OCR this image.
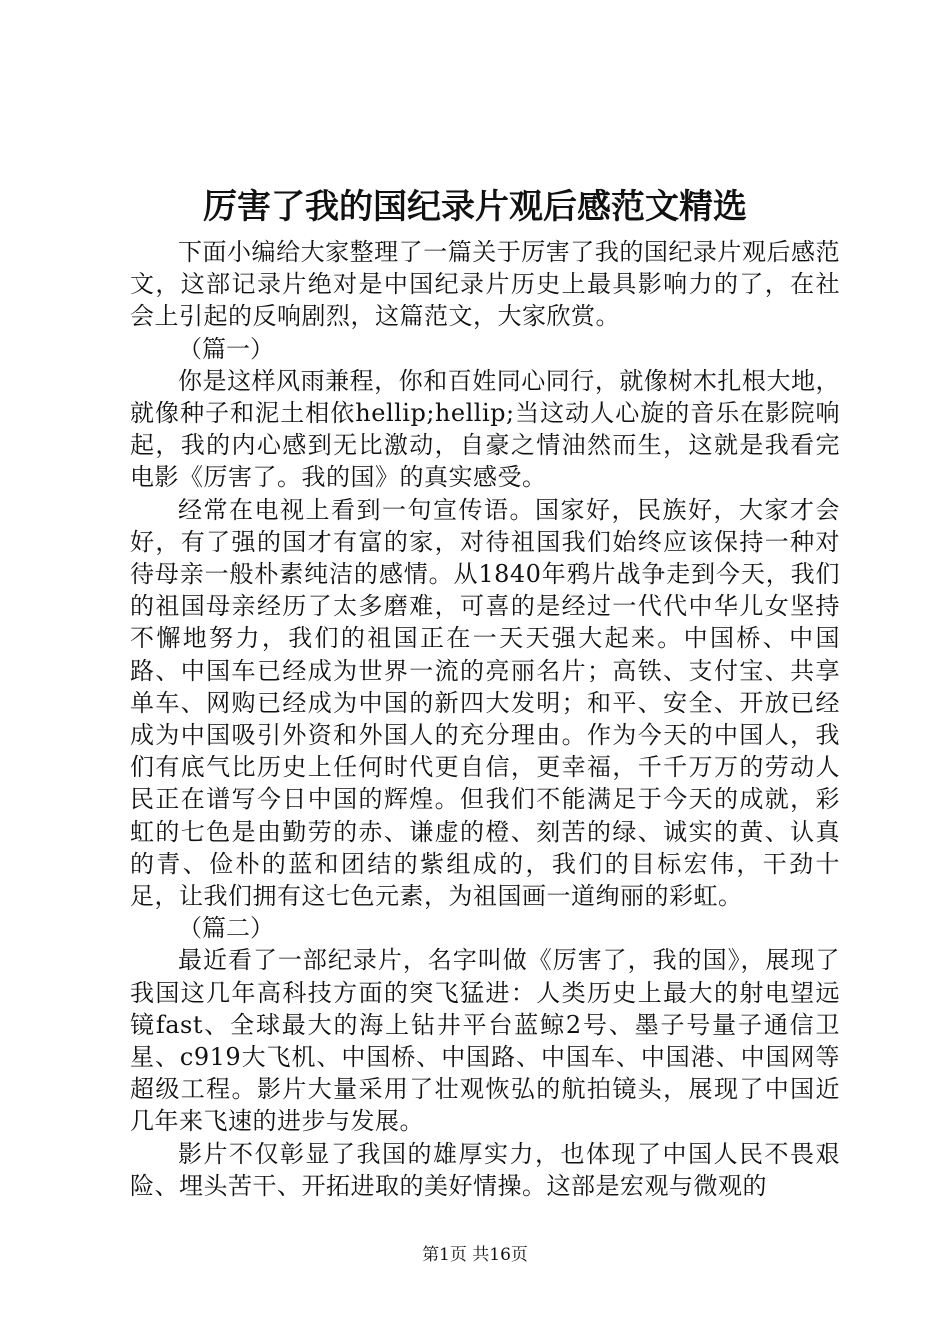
厉害了我的国纪录片观后感范文精选

下面小编给大家整理了一篇关于厉害了我的国纪录片观后感范文，这部记录片绝对是中国纪录片历史上最具影响力的了，在社会上引起的反响剧烈，这篇范文，大家欣赏。

（篇一）

你是这样风雨兼程，你和百姓同心同行，就像树木扎根大地，就像种子和泥土相依hellip;hellip;当这动人心旋的音乐在影院响起，我的内心感到无比激动，自豪之情油然而生，这就是我看完电影《厉害了。我的国》的真实感受。

经常在电视上看到一句宣传语。国家好，民族好，大家才会好，有了强的国才有富的家，对待祖国我们始终应该保持一种对待母亲一般朴素纯洁的感情。从1840年鸦片战争走到今天，我们的祖国母亲经历了太多磨难，可喜的是经过一代代中华儿女坚持不懈地努力，我们的祖国正在一天天强大起来。中国桥、中国路、中国车已经成为世界一流的亮丽名片；高铁、支付宝、共享单车、网购已经成为中国的新四大发明；和平、安全、开放已经成为中国吸引外资和外国人的充分理由。作为今天的中国人，我们有底气比历史上任何时代更自信，更幸福，千千万万的劳动人民正在谱写今日中国的辉煌。但我们不能满足于今天的成就，彩虹的七色是由勤劳的赤、谦虚的橙、刻苦的绿、诚实的黄、认真的青、俭朴的蓝和团结的紫组成的，我们的目标宏伟，干劲十足，让我们拥有这七色元素，为祖国画一道绚丽的彩虹。

（篇二）

最近看了一部纪录片，名字叫做《厉害了，我的国》，展现了我国这几年高科技方面的突飞猛进：人类历史上最大的射电望远镜fast、全球最大的海上钻井平台蓝鲸2号、墨子号量子通信卫星、c919大飞机、中国桥、中国路、中国车、中国港、中国网等超级工程。影片大量采用了壮观恢弘的航拍镜头，展现了中国近几年来飞速的进步与发展。

影片不仅彰显了我国的雄厚实力，也体现了中国人民不畏艰险、埋头苦干、开拓进取的美好情操。这部是宏观与微观的

第1页 共16页
